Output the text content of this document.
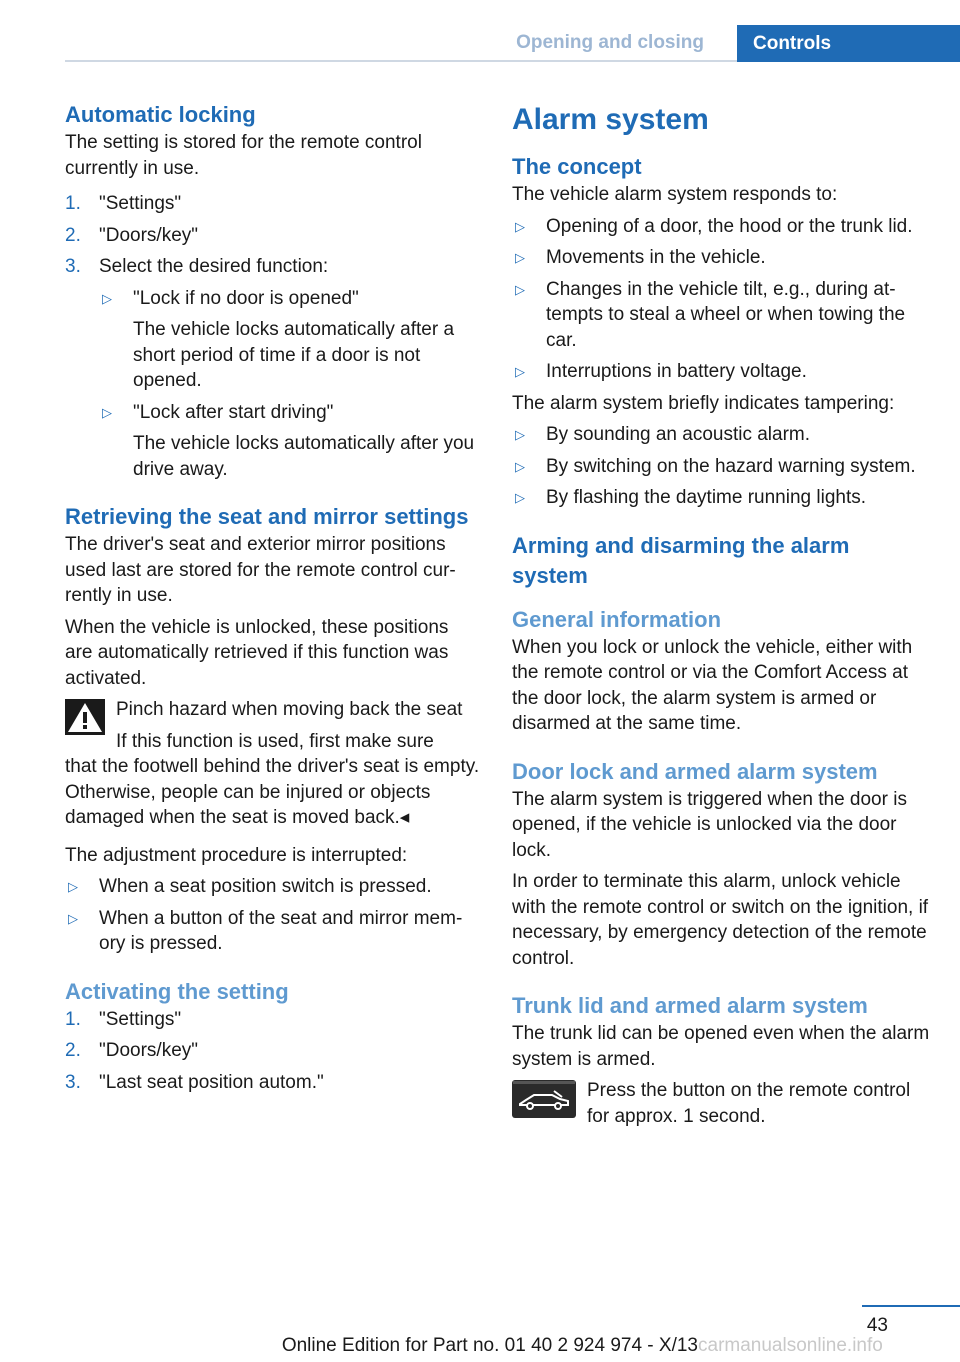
Opening and closing	Controls
Automatic locking

The setting is stored for the remote control currently in use.

1. "Settings"
2. "Doors/key"
3. Select the desired function:
▷ "Lock if no door is opened"
The vehicle locks automatically after a short period of time if a door is not opened.
▷ "Lock after start driving"
The vehicle locks automatically after you drive away.
Retrieving the seat and mirror settings

The driver's seat and exterior mirror positions used last are stored for the remote control currently in use.

When the vehicle is unlocked, these positions are automatically retrieved if this function was activated.

Pinch hazard when moving back the seat
If this function is used, first make sure
that the footwell behind the driver's seat is empty. Otherwise, people can be injured or objects damaged when the seat is moved back.◂

The adjustment procedure is interrupted:

▷ When a seat position switch is pressed.
▷ When a button of the seat and mirror memory is pressed.
Activating the setting
1. "Settings"
2. "Doors/key"
3. "Last seat position autom."
Alarm system
The concept

The vehicle alarm system responds to:

▷ Opening of a door, the hood or the trunk lid.
▷ Movements in the vehicle.
▷ Changes in the vehicle tilt, e.g., during attempts to steal a wheel or when towing the car.
▷ Interruptions in battery voltage.

The alarm system briefly indicates tampering:

▷ By sounding an acoustic alarm.
▷ By switching on the hazard warning system.
▷ By flashing the daytime running lights.
Arming and disarming the alarm system
General information

When you lock or unlock the vehicle, either with the remote control or via the Comfort Access at the door lock, the alarm system is armed or disarmed at the same time.

Door lock and armed alarm system

The alarm system is triggered when the door is opened, if the vehicle is unlocked via the door lock.

In order to terminate this alarm, unlock vehicle with the remote control or switch on the ignition, if necessary, by emergency detection of the remote control.

Trunk lid and armed alarm system

The trunk lid can be opened even when the alarm system is armed.

Press the button on the remote control for approx. 1 second.

43
Online Edition for Part no. 01 40 2 924 974 - X/13 carmanualsonline.info
